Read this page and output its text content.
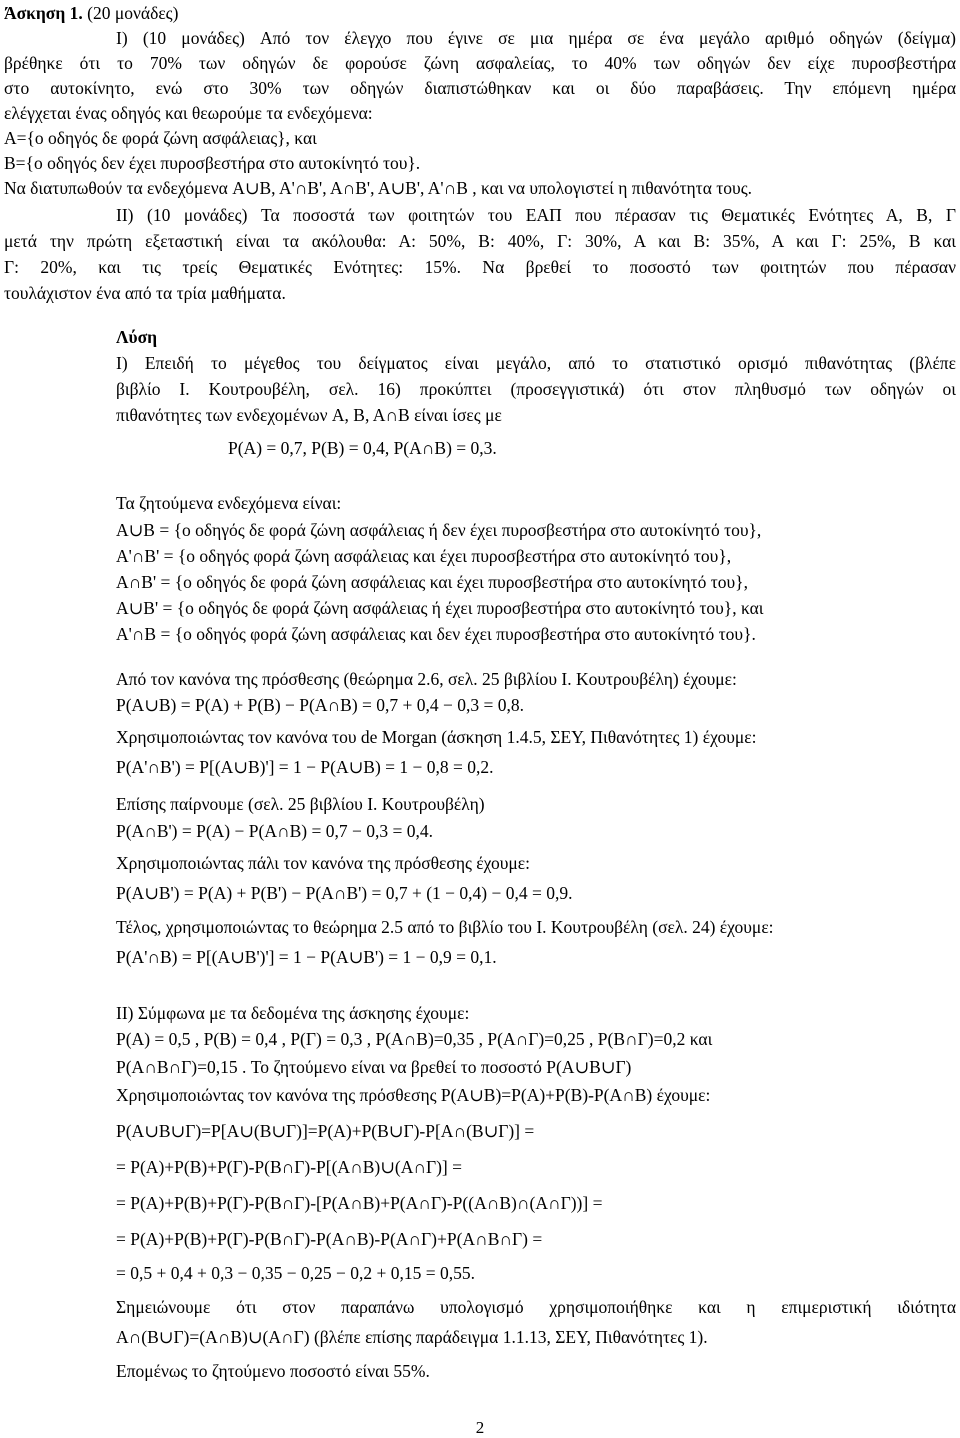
Άσκηση 1. (20 μονάδες)
I) (10 μονάδες) Από τον έλεγχο που έγινε σε μια ημέρα σε ένα μεγάλο αριθμό οδηγών (δείγμα)
βρέθηκε ότι το 70% των οδηγών δε φορούσε ζώνη ασφαλείας, το 40% των οδηγών δεν είχε πυροσβεστήρα
στο αυτοκίνητο, ενώ στο 30% των οδηγών διαπιστώθηκαν και οι δύο παραβάσεις. Την επόμενη ημέρα
ελέγχεται ένας οδηγός και θεωρούμε τα ενδεχόμενα:
A={ο οδηγός δε φορά ζώνη ασφάλειας}, και
B={ο οδηγός δεν έχει πυροσβεστήρα στο αυτοκίνητό του}.
Να διατυπωθούν τα ενδεχόμενα A∪B, A'∩B', A∩B', A∪B', A'∩B , και να υπολογιστεί η πιθανότητα τους.
II) (10 μονάδες) Τα ποσοστά των φοιτητών του ΕΑΠ που πέρασαν τις Θεματικές Ενότητες Α, Β, Γ
μετά την πρώτη εξεταστική είναι τα ακόλουθα: Α: 50%, Β: 40%, Γ: 30%, Α και Β: 35%, Α και Γ: 25%, Β και
Γ: 20%, και τις τρείς Θεματικές Ενότητες: 15%. Να βρεθεί το ποσοστό των φοιτητών που πέρασαν
τουλάχιστον ένα από τα τρία μαθήματα.
Λύση
I) Επειδή το μέγεθος του δείγματος είναι μεγάλο, από το στατιστικό ορισμό πιθανότητας (βλέπε
βιβλίο Ι. Κουτρουβέλη, σελ. 16) προκύπτει (προσεγγιστικά) ότι στον πληθυσμό των οδηγών οι
πιθανότητες των ενδεχομένων A, B, A∩B είναι ίσες με
P(A) = 0,7, P(B) = 0,4, P(A∩B) = 0,3.
Τα ζητούμενα ενδεχόμενα είναι:
A∪B = {ο οδηγός δε φορά ζώνη ασφάλειας ή δεν έχει πυροσβεστήρα στο αυτοκίνητό του},
A'∩B' = {ο οδηγός φορά ζώνη ασφάλειας και έχει πυροσβεστήρα στο αυτοκίνητό του},
A∩B' = {ο οδηγός δε φορά ζώνη ασφάλειας και έχει πυροσβεστήρα στο αυτοκίνητό του},
A∪B' = {ο οδηγός δε φορά ζώνη ασφάλειας ή έχει πυροσβεστήρα στο αυτοκίνητό του}, και
A'∩B = {ο οδηγός φορά ζώνη ασφάλειας και δεν έχει πυροσβεστήρα στο αυτοκίνητό του}.
Από τον κανόνα της πρόσθεσης (θεώρημα 2.6, σελ. 25 βιβλίου Ι. Κουτρουβέλη) έχουμε:
P(A∪B) = P(A) + P(B) − P(A∩B) = 0,7 + 0,4 − 0,3 = 0,8.
Χρησιμοποιώντας τον κανόνα του de Morgan (άσκηση 1.4.5, ΣΕΥ, Πιθανότητες 1) έχουμε:
P(A'∩B') = P[(A∪B)'] = 1 − P(A∪B) = 1 − 0,8 = 0,2.
Επίσης παίρνουμε (σελ. 25 βιβλίου Ι. Κουτρουβέλη)
P(A∩B') = P(A) − P(A∩B) = 0,7 − 0,3 = 0,4.
Χρησιμοποιώντας πάλι τον κανόνα της πρόσθεσης έχουμε:
P(A∪B') = P(A) + P(B') − P(A∩B') = 0,7 + (1 − 0,4) − 0,4 = 0,9.
Τέλος, χρησιμοποιώντας το θεώρημα 2.5 από το βιβλίο του Ι. Κουτρουβέλη (σελ. 24) έχουμε:
P(A'∩B) = P[(A∪B')'] = 1 − P(A∪B') = 1 − 0,9 = 0,1.
II) Σύμφωνα με τα δεδομένα της άσκησης έχουμε:
P(A) = 0,5 , P(B) = 0,4 , P(Γ) = 0,3 , P(A∩B)=0,35 , P(A∩Γ)=0,25 , P(B∩Γ)=0,2 και
P(A∩B∩Γ)=0,15 . Το ζητούμενο είναι να βρεθεί το ποσοστό P(A∪B∪Γ)
Χρησιμοποιώντας τον κανόνα της πρόσθεσης P(A∪B)=P(A)+P(B)-P(A∩B) έχουμε:
P(A∪B∪Γ)=P[A∪(B∪Γ)]=P(A)+P(B∪Γ)-P[A∩(B∪Γ)] =
= P(A)+P(B)+P(Γ)-P(B∩Γ)-P[(A∩B)∪(A∩Γ)] =
= P(A)+P(B)+P(Γ)-P(B∩Γ)-[P(A∩B)+P(A∩Γ)-P((A∩B)∩(A∩Γ))] =
= P(A)+P(B)+P(Γ)-P(B∩Γ)-P(A∩B)-P(A∩Γ)+P(A∩B∩Γ) =
= 0,5 + 0,4 + 0,3 − 0,35 − 0,25 − 0,2 + 0,15 = 0,55.
Σημειώνουμε ότι στον παραπάνω υπολογισμό χρησιμοποιήθηκε και η επιμεριστική ιδιότητα
A∩(B∪Γ)=(A∩B)∪(A∩Γ) (βλέπε επίσης παράδειγμα 1.1.13, ΣΕΥ, Πιθανότητες 1).
Επομένως το ζητούμενο ποσοστό είναι 55%.
2
